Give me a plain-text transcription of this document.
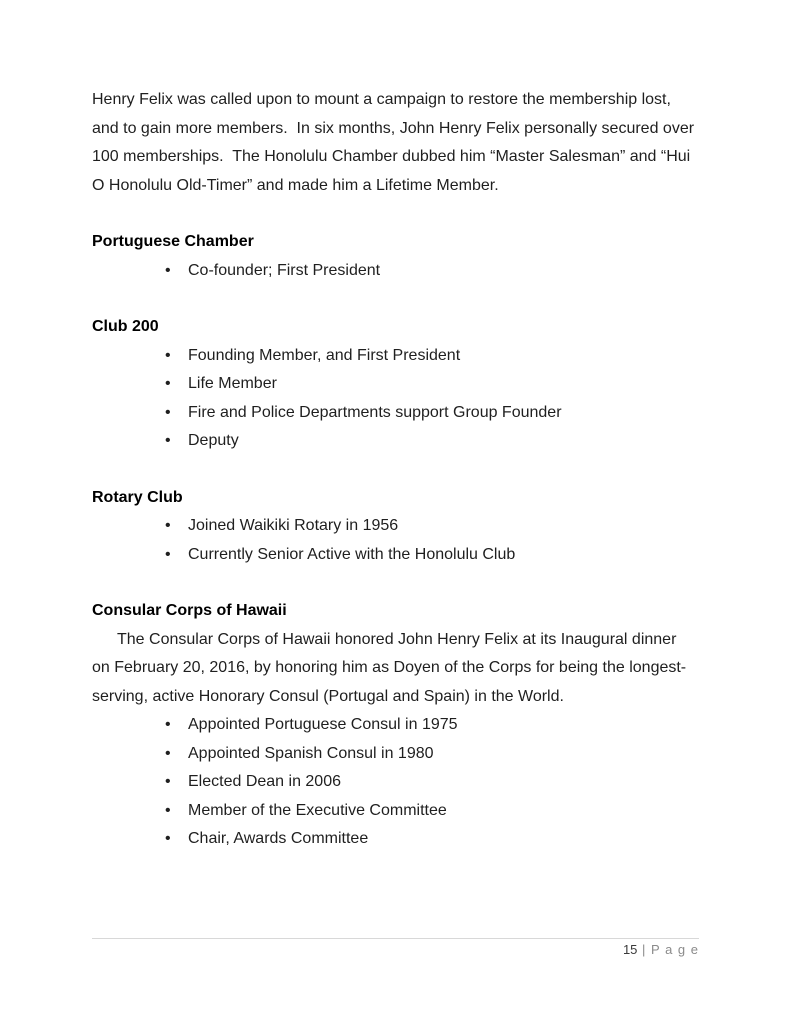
Henry Felix was called upon to mount a campaign to restore the membership lost, and to gain more members.  In six months, John Henry Felix personally secured over 100 memberships.  The Honolulu Chamber dubbed him “Master Salesman” and “Hui O Honolulu Old-Timer” and made him a Lifetime Member.

Portuguese Chamber
• Co-founder; First President
Club 200
• Founding Member, and First President
• Life Member
• Fire and Police Departments support Group Founder
• Deputy
Rotary Club
• Joined Waikiki Rotary in 1956
• Currently Senior Active with the Honolulu Club
Consular Corps of Hawaii

The Consular Corps of Hawaii honored John Henry Felix at its Inaugural dinner on February 20, 2016, by honoring him as Doyen of the Corps for being the longest-serving, active Honorary Consul (Portugal and Spain) in the World.

• Appointed Portuguese Consul in 1975
• Appointed Spanish Consul in 1980
• Elected Dean in 2006
• Member of the Executive Committee
• Chair, Awards Committee
15 | P a g e
